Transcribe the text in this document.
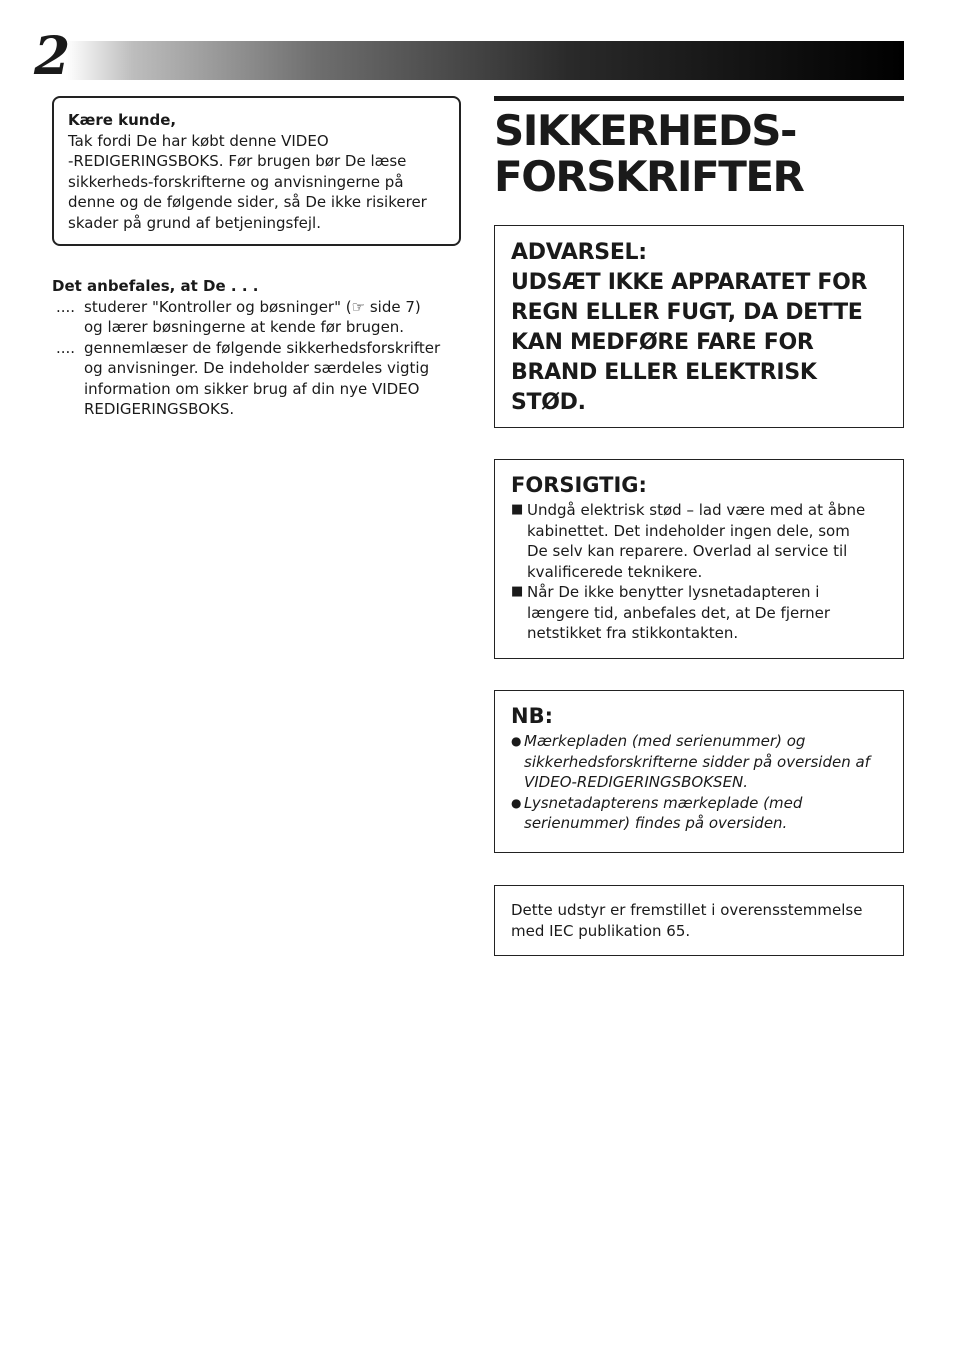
2
Kære kunde,
Tak fordi De har købt denne VIDEO
-REDIGERINGSBOKS. Før brugen bør De læse
sikkerheds-forskrifterne og anvisningerne på
denne og de følgende sider, så De ikke risikerer
skader på grund af betjeningsfejl.
Det anbefales, at De . . .
.... studerer "Kontroller og bøsninger" (☞ side 7)
og lærer bøsningerne at kende før brugen.
.... gennemlæser de følgende sikkerhedsforskrifter
og anvisninger. De indeholder særdeles vigtig
information om sikker brug af din nye VIDEO
REDIGERINGSBOKS.
SIKKERHEDS-
FORSKRIFTER
ADVARSEL:
UDSÆT IKKE APPARATET FOR
REGN ELLER FUGT, DA DETTE
KAN MEDFØRE FARE FOR
BRAND ELLER ELEKTRISK
STØD.
FORSIGTIG:
■ Undgå elektrisk stød – lad være med at åbne
kabinettet. Det indeholder ingen dele, som
De selv kan reparere. Overlad al service til
kvalificerede teknikere.
■ Når De ikke benytter lysnetadapteren i
længere tid, anbefales det, at De fjerner
netstikket fra stikkontakten.
NB:
● Mærkepladen (med serienummer) og
sikkerhedsforskrifterne sidder på oversiden af
VIDEO-REDIGERINGSBOKSEN.
● Lysnetadapterens mærkeplade (med
serienummer) findes på oversiden.
Dette udstyr er fremstillet i overensstemmelse
med IEC publikation 65.
